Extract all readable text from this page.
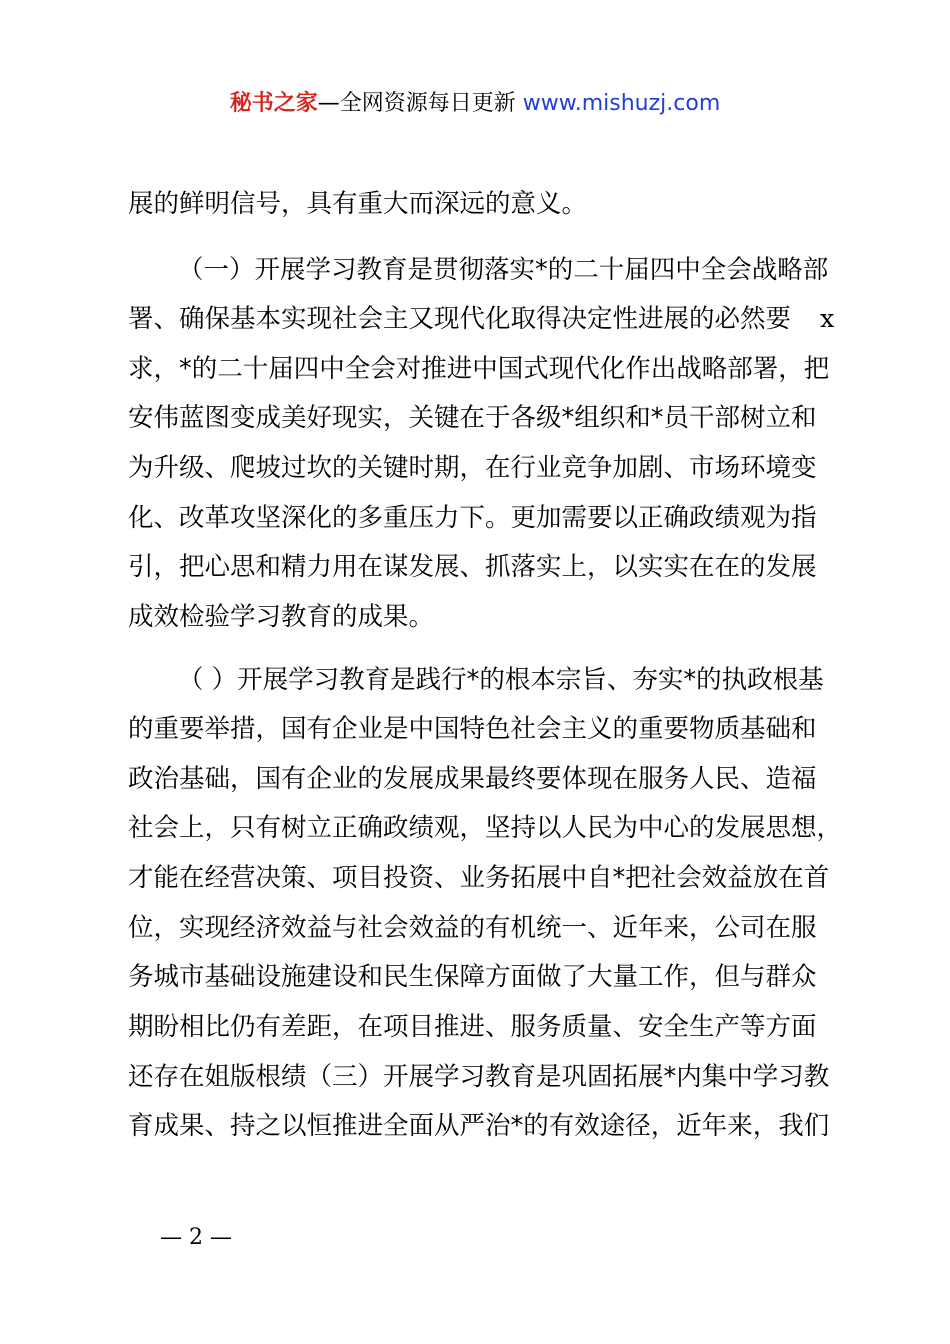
秘书之家—全网资源每日更新 www.mishuzj.com
展的鲜明信号，具有重大而深远的意义。
（一）开展学习教育是贯彻落实*的二十届四中全会战略部
署、确保基本实现社会主又现代化取得决定性进展的必然要 x
求，*的二十届四中全会对推进中国式现代化作出战略部署，把
安伟蓝图变成美好现实，关键在于各级*组织和*员干部树立和
为升级、爬坡过坎的关键时期，在行业竞争加剧、市场环境变
化、改革攻坚深化的多重压力下。更加需要以正确政绩观为指
引，把心思和精力用在谋发展、抓落实上，以实实在在的发展
成效检验学习教育的成果。
（ ）开展学习教育是践行*的根本宗旨、夯实*的执政根基
的重要举措，国有企业是中国特色社会主义的重要物质基础和
政治基础，国有企业的发展成果最终要体现在服务人民、造福
社会上，只有树立正确政绩观，坚持以人民为中心的发展思想，
才能在经营决策、项目投资、业务拓展中自*把社会效益放在首
位，实现经济效益与社会效益的有机统一、近年来，公司在服
务城市基础设施建设和民生保障方面做了大量工作，但与群众
期盼相比仍有差距，在项目推进、服务质量、安全生产等方面
还存在姐版根绩（三）开展学习教育是巩固拓展*内集中学习教
育成果、持之以恒推进全面从严治*的有效途径，近年来，我们
— 2 —
